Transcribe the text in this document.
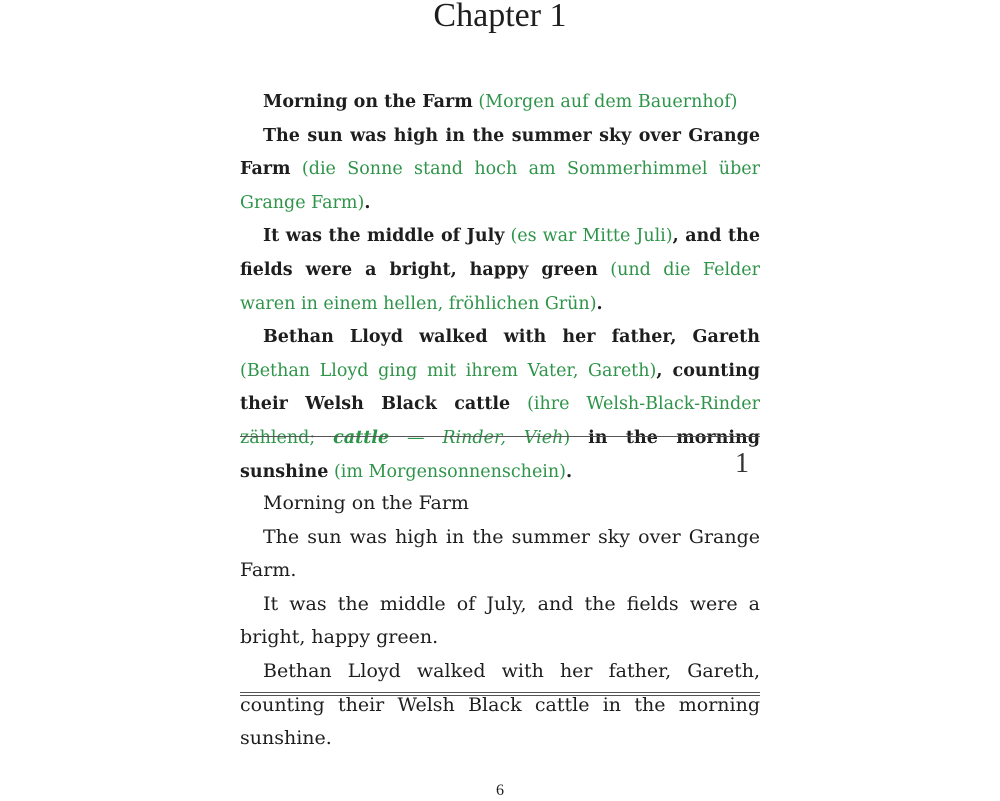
Chapter 1

Morning on the Farm (Morgen auf dem Bauernhof)

The sun was high in the summer sky over Grange Farm (die Sonne stand hoch am Sommerhimmel über Grange Farm).

It was the middle of July (es war Mitte Juli), and the fields were a bright, happy green (und die Felder waren in einem hellen, fröhlichen Grün).

Bethan Lloyd walked with her father, Gareth (Bethan Lloyd ging mit ihrem Vater, Gareth), counting their Welsh Black cattle (ihre Welsh-Black-Rinder zählend; cattle — Rinder, Vieh) in the morning sunshine (im Morgensonnenschein).	1

Morning on the Farm

The sun was high in the summer sky over Grange Farm.

It was the middle of July, and the fields were a bright, happy green.

Bethan Lloyd walked with her father, Gareth, counting their Welsh Black cattle in the morning sunshine.

6
